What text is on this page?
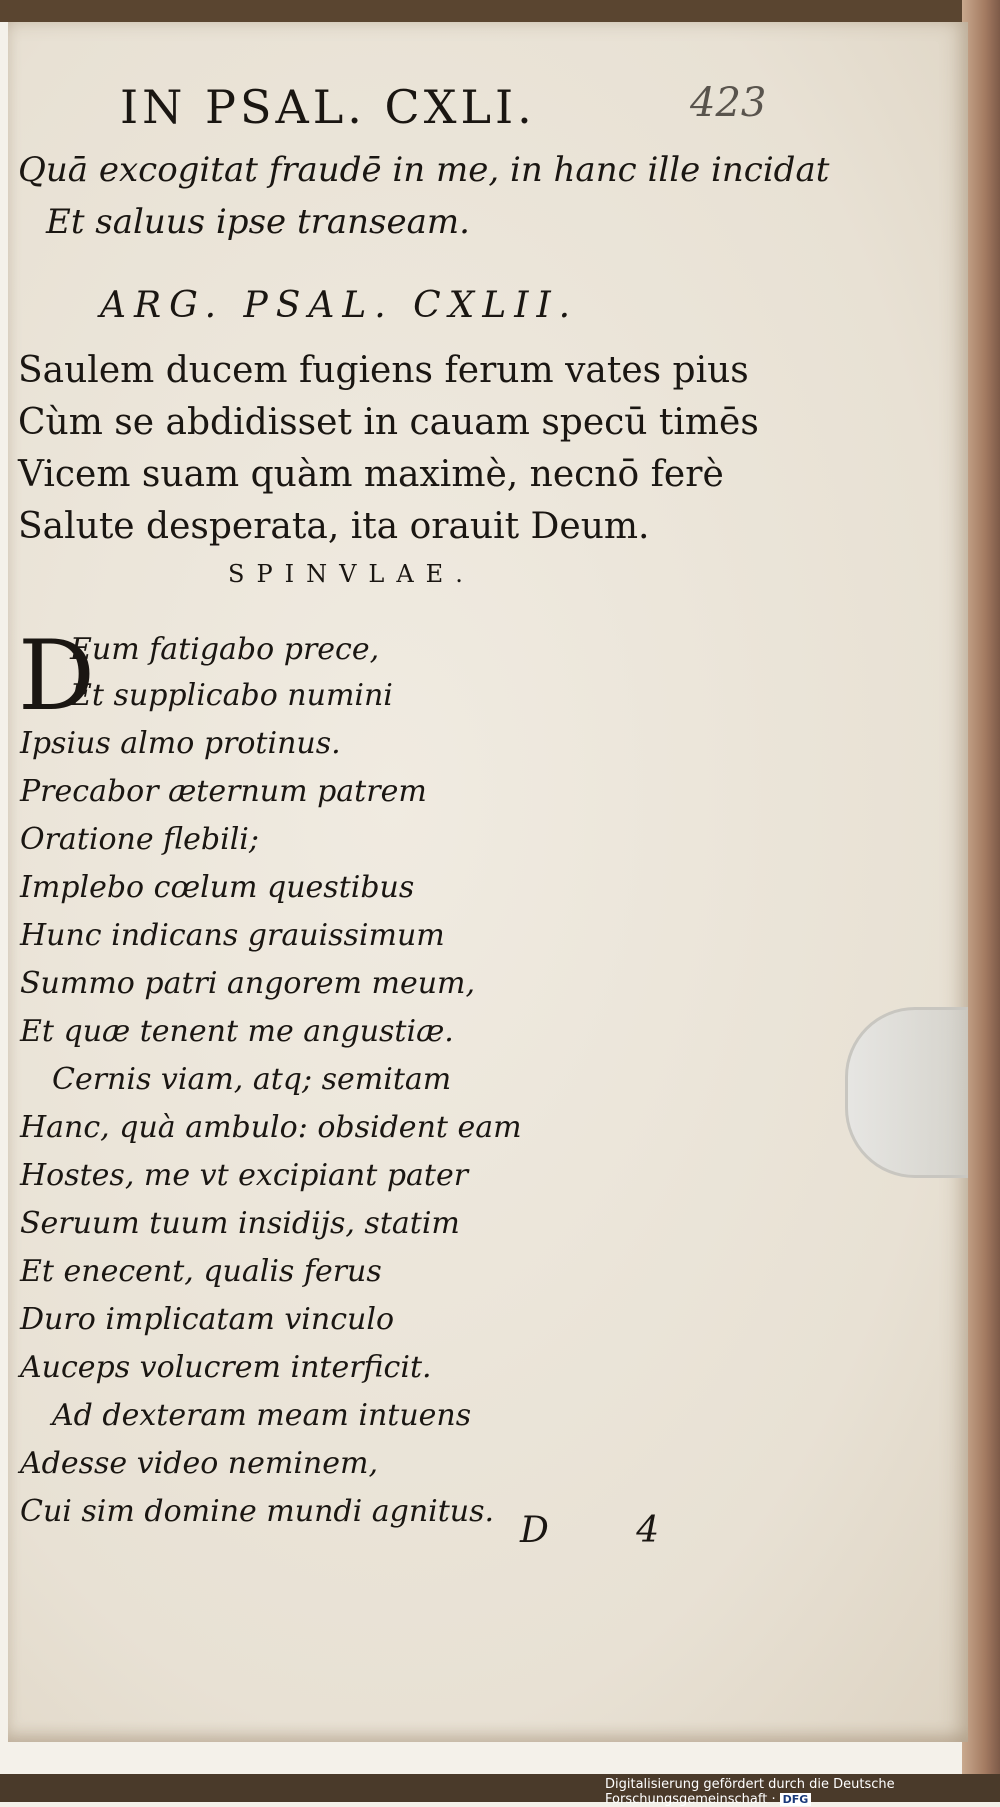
IN PSAL. CXLI.	423
Quā excogitat fraudē in me, in hanc ille incidat
Et saluus ipse transeam.
ARG. PSAL. CXLII.
Saulem ducem fugiens ferum vates pius
Cùm se abdidisset in cauam specū timēs
Vicem suam quàm maximè, necnō ferè
Salute desperata, ita orauit Deum.
SPINVLAE.
D
Eum fatigabo prece,
Et supplicabo numini
Ipsius almo protinus.
Precabor æternum patrem
Oratione flebili;
Implebo cœlum questibus
Hunc indicans grauissimum
Summo patri angorem meum,
Et quæ tenent me angustiæ.
Cernis viam, atq; semitam
Hanc, quà ambulo: obsident eam
Hostes, me vt excipiant pater
Seruum tuum insidijs, statim
Et enecent, qualis ferus
Duro implicatam vinculo
Auceps volucrem interficit.
Ad dexteram meam intuens
Adesse video neminem,
Cui sim domine mundi agnitus. D 4
Digitalisierung gefördert durch die Deutsche Forschungsgemeinschaft · DFG
